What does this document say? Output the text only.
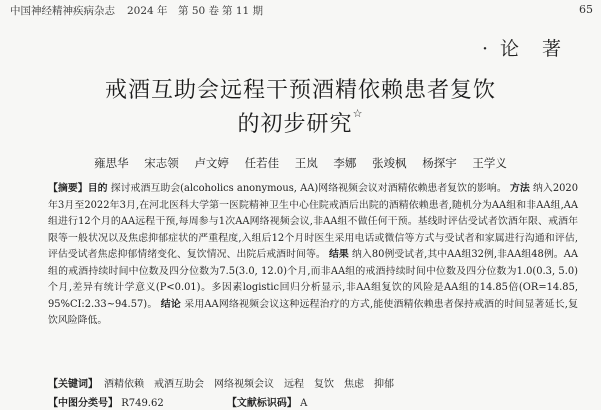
中国神经精神疾病杂志 2024 年 第 50 卷 第 11 期	65
· 论　著
戒酒互助会远程干预酒精依赖患者复饮
的初步研究☆
雍思华 宋志领 卢文婷 任若佳 王岚 李娜 张竣枫 杨探宇 王学义
【摘要】目的 探讨戒酒互助会(alcoholics anonymous, AA)网络视频会议对酒精依赖患者复饮的影响。 方法 纳入2020年3月至2022年3月,在河北医科大学第一医院精神卫生中心住院戒酒后出院的酒精依赖患者,随机分为AA组和非AA组,AA组进行12个月的AA远程干预,每周参与1次AA网络视频会议,非AA组不做任何干预。基线时评估受试者饮酒年限、戒酒年限等一般状况以及焦虑抑郁症状的严重程度,入组后12个月时医生采用电话或微信等方式与受试者和家属进行沟通和评估,评估受试者焦虑抑郁情绪变化、复饮情况、出院后戒酒时间等。 结果 纳入80例受试者,其中AA组32例,非AA组48例。AA组的戒酒持续时间中位数及四分位数为7.5(3.0, 12.0)个月,而非AA组的戒酒持续时间中位数及四分位数为1.0(0.3, 5.0)个月,差异有统计学意义(P<0.01)。多因素logistic回归分析显示,非AA组复饮的风险是AA组的14.85倍(OR=14.85, 95%CI:2.33~94.57)。 结论 采用AA网络视频会议这种远程治疗的方式,能使酒精依赖患者保持戒酒的时间显著延长,复饮风险降低。
【关键词】 酒精依赖 戒酒互助会 网络视频会议 远程 复饮 焦虑 抑郁
【中图分类号】 R749.62	【文献标识码】 A
